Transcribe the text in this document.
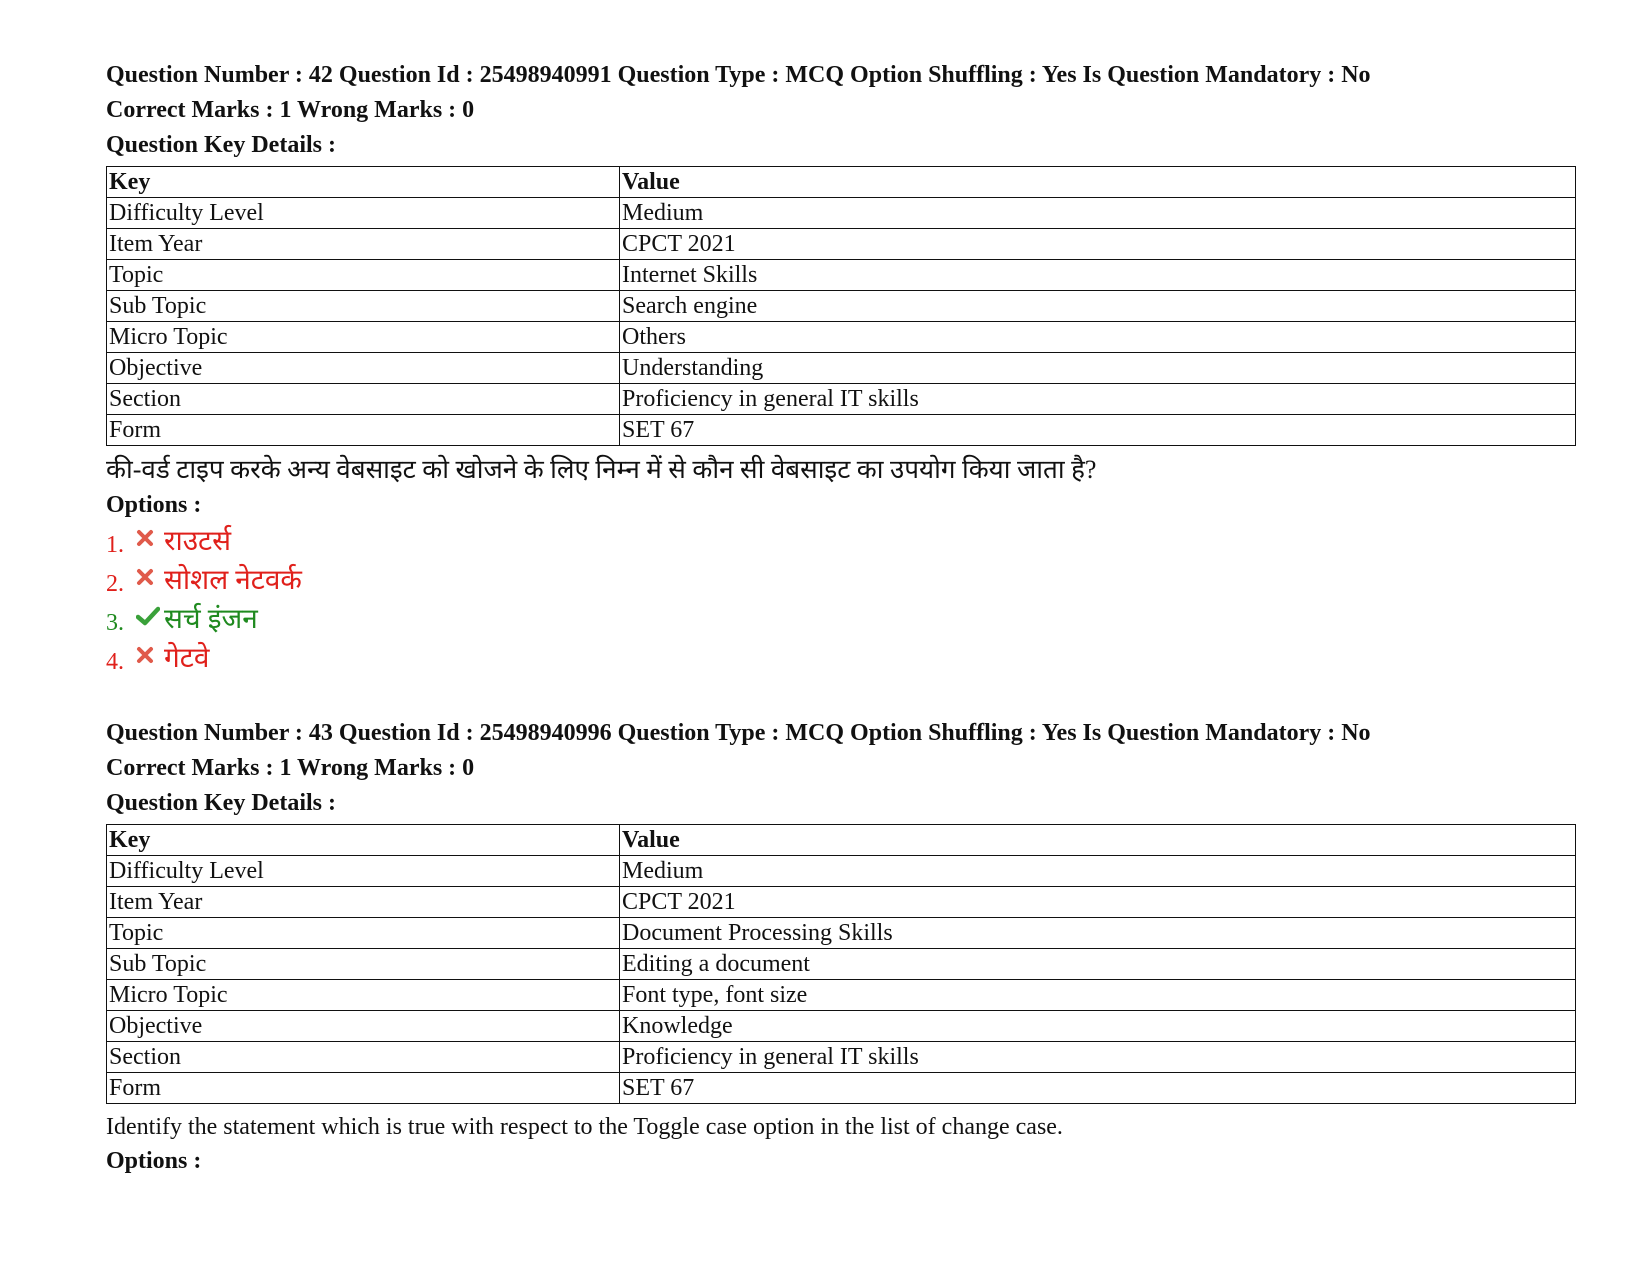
Question Number : 42 Question Id : 25498940991 Question Type : MCQ Option Shuffling : Yes Is Question Mandatory : No
Correct Marks : 1 Wrong Marks : 0
Question Key Details :
Key	Value
Difficulty Level	Medium
Item Year	CPCT 2021
Topic	Internet Skills
Sub Topic	Search engine
Micro Topic	Others
Objective	Understanding
Section	Proficiency in general IT skills
Form	SET 67
की-वर्ड टाइप करके अन्य वेबसाइट को खोजने के लिए निम्न में से कौन सी वेबसाइट का उपयोग किया जाता है?
Options :
1.	राउटर्स
2.	सोशल नेटवर्क
3.	सर्च इंजन
4.	गेटवे
Question Number : 43 Question Id : 25498940996 Question Type : MCQ Option Shuffling : Yes Is Question Mandatory : No
Correct Marks : 1 Wrong Marks : 0
Question Key Details :
Key	Value
Difficulty Level	Medium
Item Year	CPCT 2021
Topic	Document Processing Skills
Sub Topic	Editing a document
Micro Topic	Font type, font size
Objective	Knowledge
Section	Proficiency in general IT skills
Form	SET 67
Identify the statement which is true with respect to the Toggle case option in the list of change case.
Options :
